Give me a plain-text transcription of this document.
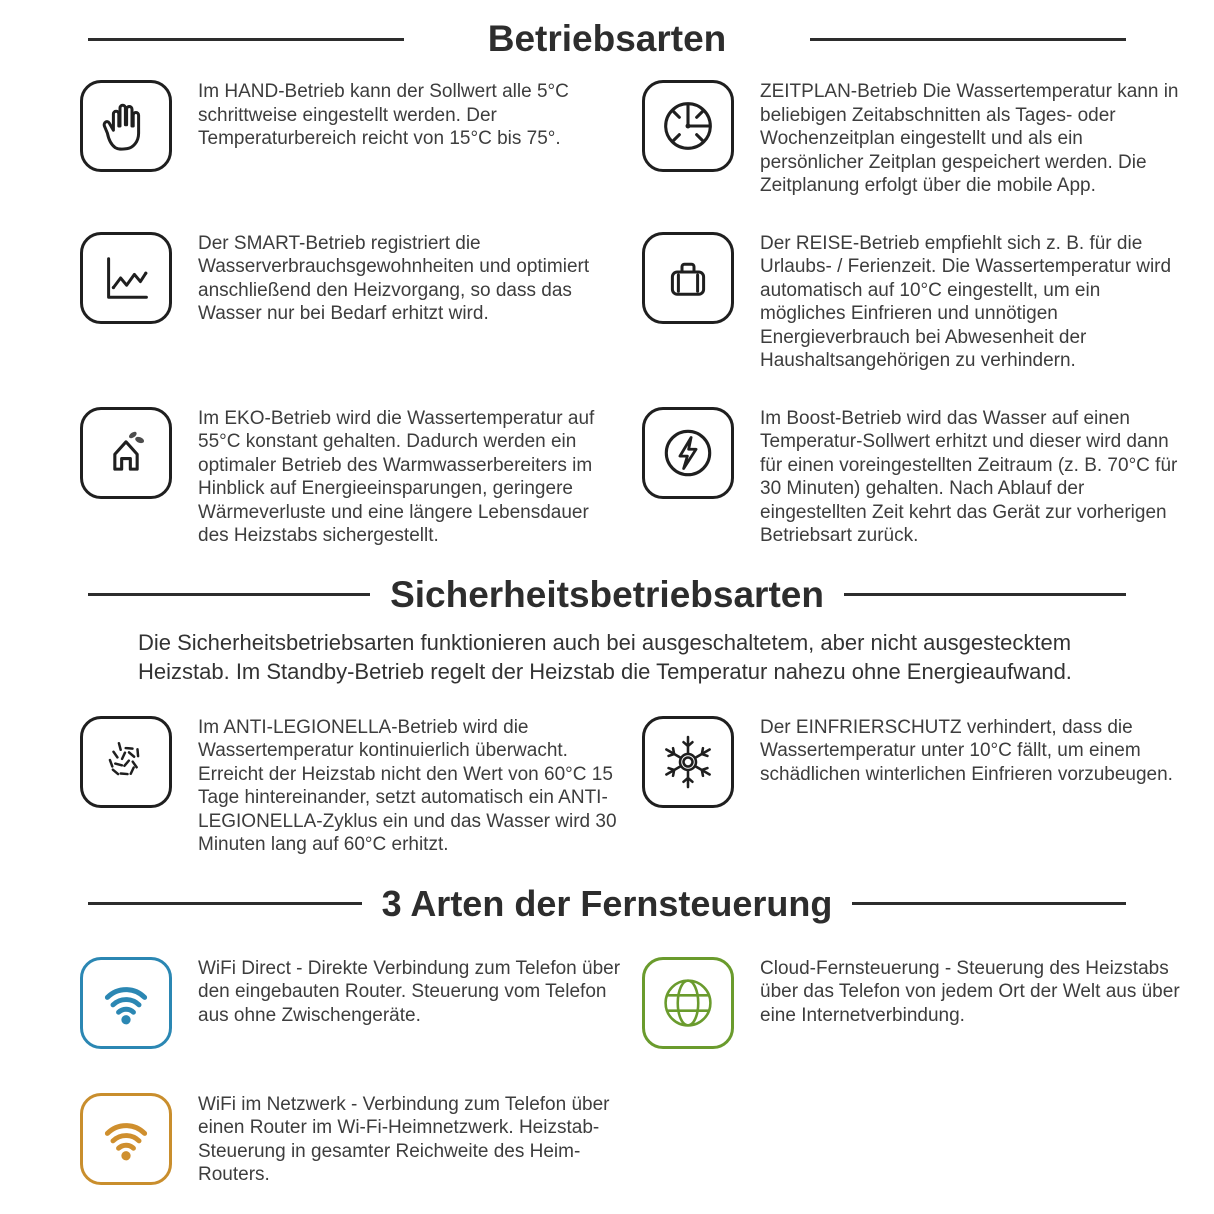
Betriebsarten

Im HAND-Betrieb kann der Sollwert alle 5°C schrittweise eingestellt werden. Der Temperaturbereich reicht von 15°C bis 75°.

ZEITPLAN-Betrieb Die Wassertemperatur kann in beliebigen Zeitabschnitten als Tages- oder Wochenzeitplan eingestellt und als ein persönlicher Zeitplan gespeichert werden. Die Zeitplanung erfolgt über die mobile App.

Der SMART-Betrieb registriert die Wasserverbrauchsgewohnheiten und optimiert anschließend den Heizvorgang, so dass das Wasser nur bei Bedarf erhitzt wird.

Der REISE-Betrieb empfiehlt sich z. B. für die Urlaubs- / Ferienzeit. Die Wassertemperatur wird automatisch auf 10°C eingestellt, um ein mögliches Einfrieren und unnötigen Energieverbrauch bei Abwesenheit der Haushaltsangehörigen zu verhindern.

Im EKO-Betrieb wird die Wassertemperatur auf 55°C konstant gehalten. Dadurch werden ein optimaler Betrieb des Warmwasserbereiters im Hinblick auf Energieeinsparungen, geringere Wärmeverluste und eine längere Lebensdauer des Heizstabs sichergestellt.

Im Boost-Betrieb wird das Wasser auf einen Temperatur-Sollwert erhitzt und dieser wird dann für einen voreingestellten Zeitraum (z. B. 70°C für 30 Minuten) gehalten. Nach Ablauf der eingestellten Zeit kehrt das Gerät zur vorherigen Betriebsart zurück.

Sicherheitsbetriebsarten

Die Sicherheitsbetriebsarten funktionieren auch bei ausgeschaltetem, aber nicht ausgestecktem Heizstab. Im Standby-Betrieb regelt der Heizstab die Temperatur nahezu ohne Energieaufwand.

Im ANTI-LEGIONELLA-Betrieb wird die Wassertemperatur kontinuierlich überwacht. Erreicht der Heizstab nicht den Wert von 60°C 15 Tage hintereinander, setzt automatisch ein ANTI-LEGIONELLA-Zyklus ein und das Wasser wird 30 Minuten lang auf 60°C erhitzt.

Der EINFRIERSCHUTZ verhindert, dass die Wassertemperatur unter 10°C fällt, um einem schädlichen winterlichen Einfrieren vorzubeugen.

3 Arten der Fernsteuerung

WiFi Direct - Direkte Verbindung zum Telefon über den eingebauten Router. Steuerung vom Telefon aus ohne Zwischengeräte.

Cloud-Fernsteuerung - Steuerung des Heizstabs über das Telefon von jedem Ort der Welt aus über eine Internetverbindung.

WiFi im Netzwerk - Verbindung zum Telefon über einen Router im Wi-Fi-Heimnetzwerk. Heizstab-Steuerung in gesamter Reichweite des Heim-Routers.
